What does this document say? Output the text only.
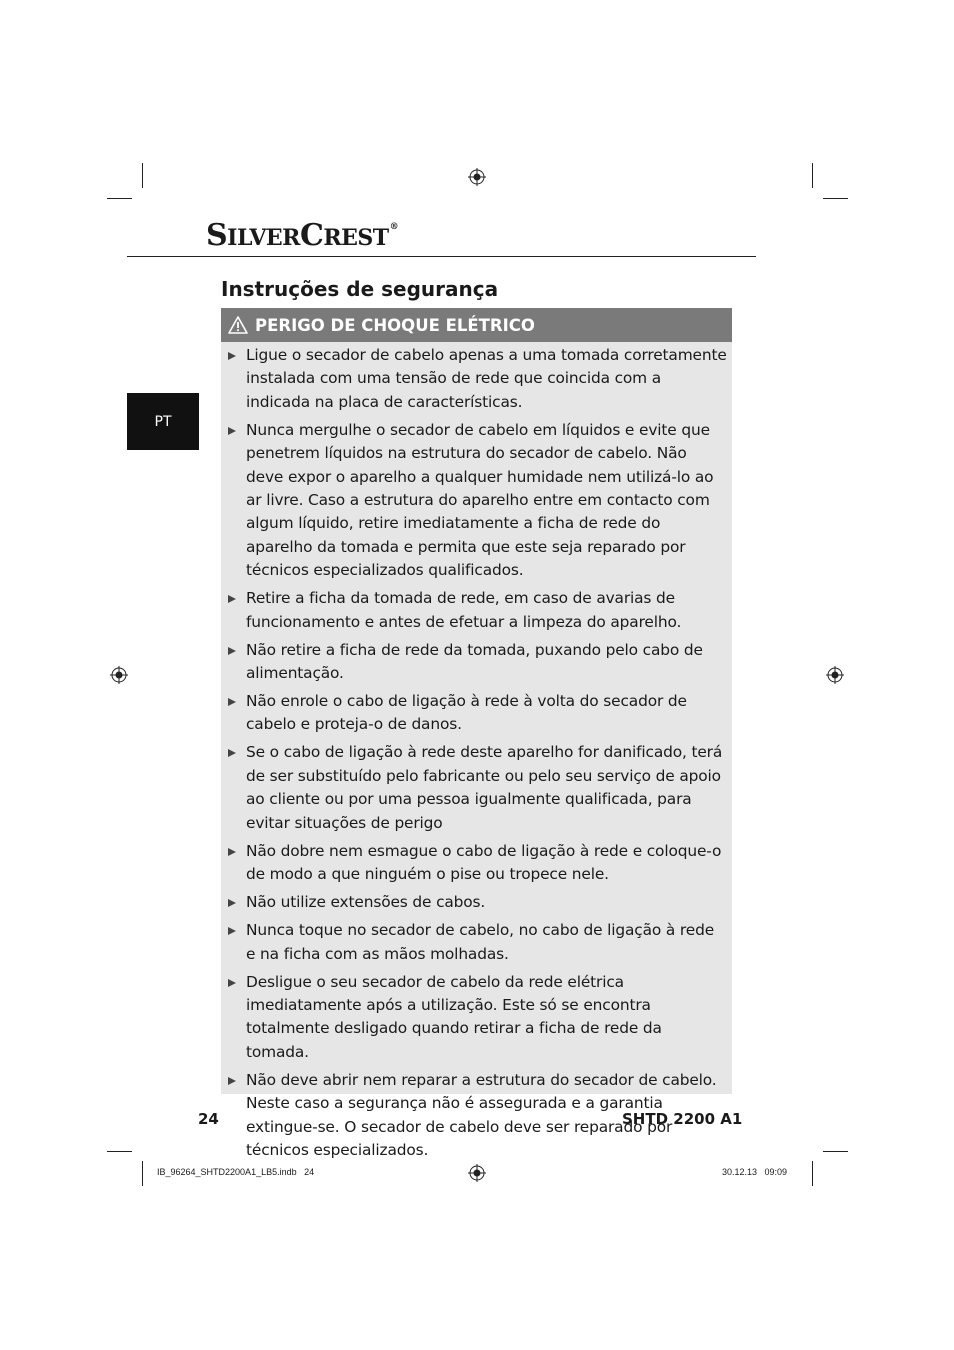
SILVERCREST®
Instruções de segurança
PT
PERIGO DE CHOQUE ELÉTRICO
Ligue o secador de cabelo apenas a uma tomada corretamente instalada com uma tensão de rede que coincida com a indicada na placa de características.
Nunca mergulhe o secador de cabelo em líquidos e evite que penetrem líquidos na estrutura do secador de cabelo. Não deve expor o aparelho a qualquer humidade nem utilizá-lo ao ar livre. Caso a estrutura do aparelho entre em contacto com algum líquido, retire imediatamente a ficha de rede do aparelho da tomada e permita que este seja reparado por técnicos especializados qualificados.
Retire a ficha da tomada de rede, em caso de avarias de funcionamento e antes de efetuar a limpeza do aparelho.
Não retire a ficha de rede da tomada, puxando pelo cabo de alimentação.
Não enrole o cabo de ligação à rede à volta do secador de cabelo e proteja-o de danos.
Se o cabo de ligação à rede deste aparelho for danificado, terá de ser substituído pelo fabricante ou pelo seu serviço de apoio ao cliente ou por uma pessoa igualmente qualificada, para evitar situações de perigo
Não dobre nem esmague o cabo de ligação à rede e coloque-o de modo a que ninguém o pise ou tropece nele.
Não utilize extensões de cabos.
Nunca toque no secador de cabelo, no cabo de ligação à rede e na ficha com as mãos molhadas.
Desligue o seu secador de cabelo da rede elétrica imediatamente após a utilização. Este só se encontra totalmente desligado quando retirar a ficha de rede da tomada.
Não deve abrir nem reparar a estrutura do secador de cabelo. Neste caso a segurança não é assegurada e a garantia extingue-se. O secador de cabelo deve ser reparado por técnicos especializados.
24	SHTD 2200 A1
IB_96264_SHTD2200A1_LB5.indb   24	30.12.13   09:09
